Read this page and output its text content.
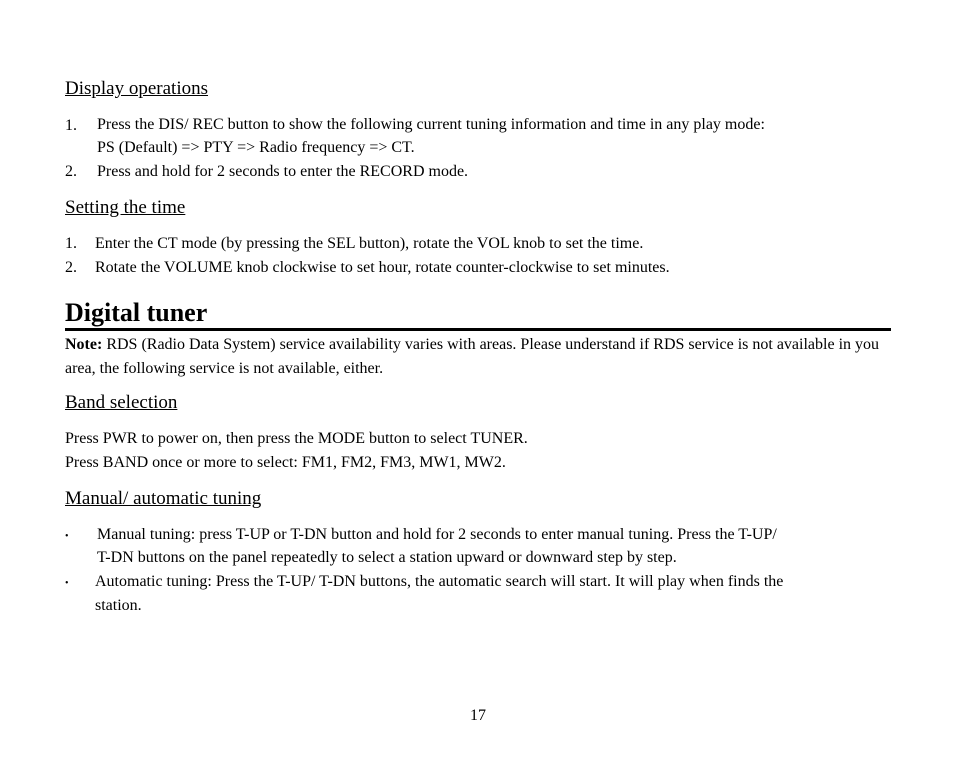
Display operations
1. Press the DIS/ REC button to show the following current tuning information and time in any play mode:
PS (Default) => PTY => Radio frequency => CT.
2. Press and hold for 2 seconds to enter the RECORD mode.
Setting the time
1. Enter the CT mode (by pressing the SEL button), rotate the VOL knob to set the time.
2. Rotate the VOLUME knob clockwise to set hour, rotate counter-clockwise to set minutes.
Digital tuner
Note: RDS (Radio Data System) service availability varies with areas. Please understand if RDS service is not available in you area, the following service is not available, either.
Band selection
Press PWR to power on, then press the MODE button to select TUNER.
Press BAND once or more to select: FM1, FM2, FM3, MW1, MW2.
Manual/ automatic tuning
• Manual tuning: press T-UP or T-DN button and hold for 2 seconds to enter manual tuning. Press the T-UP/
T-DN buttons on the panel repeatedly to select a station upward or downward step by step.
• Automatic tuning: Press the T-UP/ T-DN buttons, the automatic search will start. It will play when finds the
station.
17
